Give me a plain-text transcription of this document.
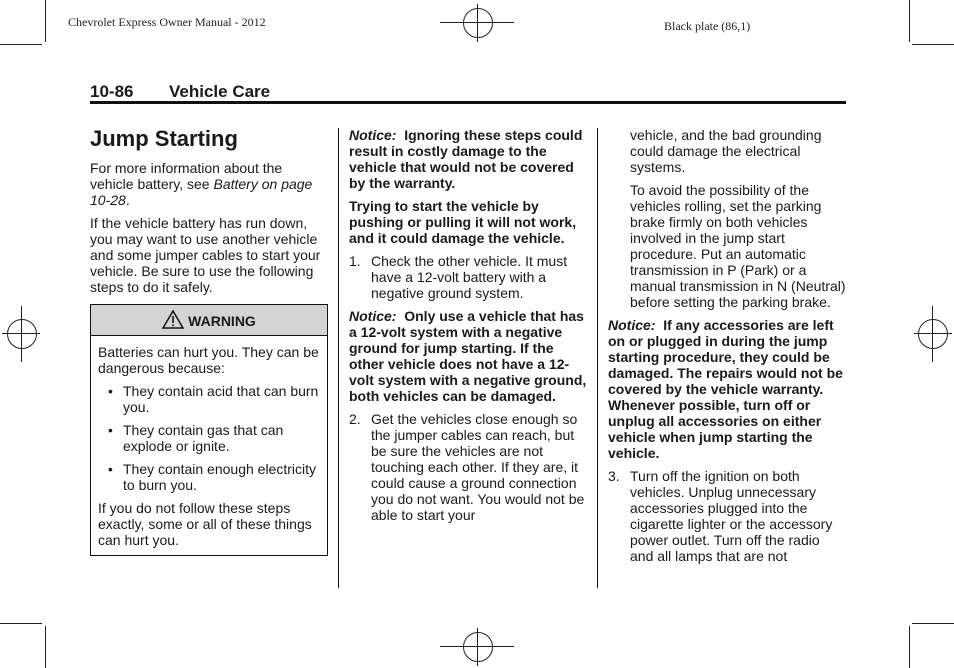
Chevrolet Express Owner Manual - 2012	Black plate (86,1)
10-86 Vehicle Care
Jump Starting

For more information about the vehicle battery, see Battery on page 10-28.

If the vehicle battery has run down, you may want to use another vehicle and some jumper cables to start your vehicle. Be sure to use the following steps to do it safely.

WARNING

Batteries can hurt you. They can be dangerous because:

• They contain acid that can burn you.
• They contain gas that can explode or ignite.
• They contain enough electricity to burn you.

If you do not follow these steps exactly, some or all of these things can hurt you.

Notice: Ignoring these steps could result in costly damage to the vehicle that would not be covered by the warranty.

Trying to start the vehicle by pushing or pulling it will not work, and it could damage the vehicle.

1. Check the other vehicle. It must have a 12-volt battery with a negative ground system.

Notice: Only use a vehicle that has a 12-volt system with a negative ground for jump starting. If the other vehicle does not have a 12-volt system with a negative ground, both vehicles can be damaged.

2. Get the vehicles close enough so the jumper cables can reach, but be sure the vehicles are not touching each other. If they are, it could cause a ground connection you do not want. You would not be able to start your

vehicle, and the bad grounding could damage the electrical systems.

To avoid the possibility of the vehicles rolling, set the parking brake firmly on both vehicles involved in the jump start procedure. Put an automatic transmission in P (Park) or a manual transmission in N (Neutral) before setting the parking brake.

Notice: If any accessories are left on or plugged in during the jump starting procedure, they could be damaged. The repairs would not be covered by the vehicle warranty. Whenever possible, turn off or unplug all accessories on either vehicle when jump starting the vehicle.

3. Turn off the ignition on both vehicles. Unplug unnecessary accessories plugged into the cigarette lighter or the accessory power outlet. Turn off the radio and all lamps that are not
